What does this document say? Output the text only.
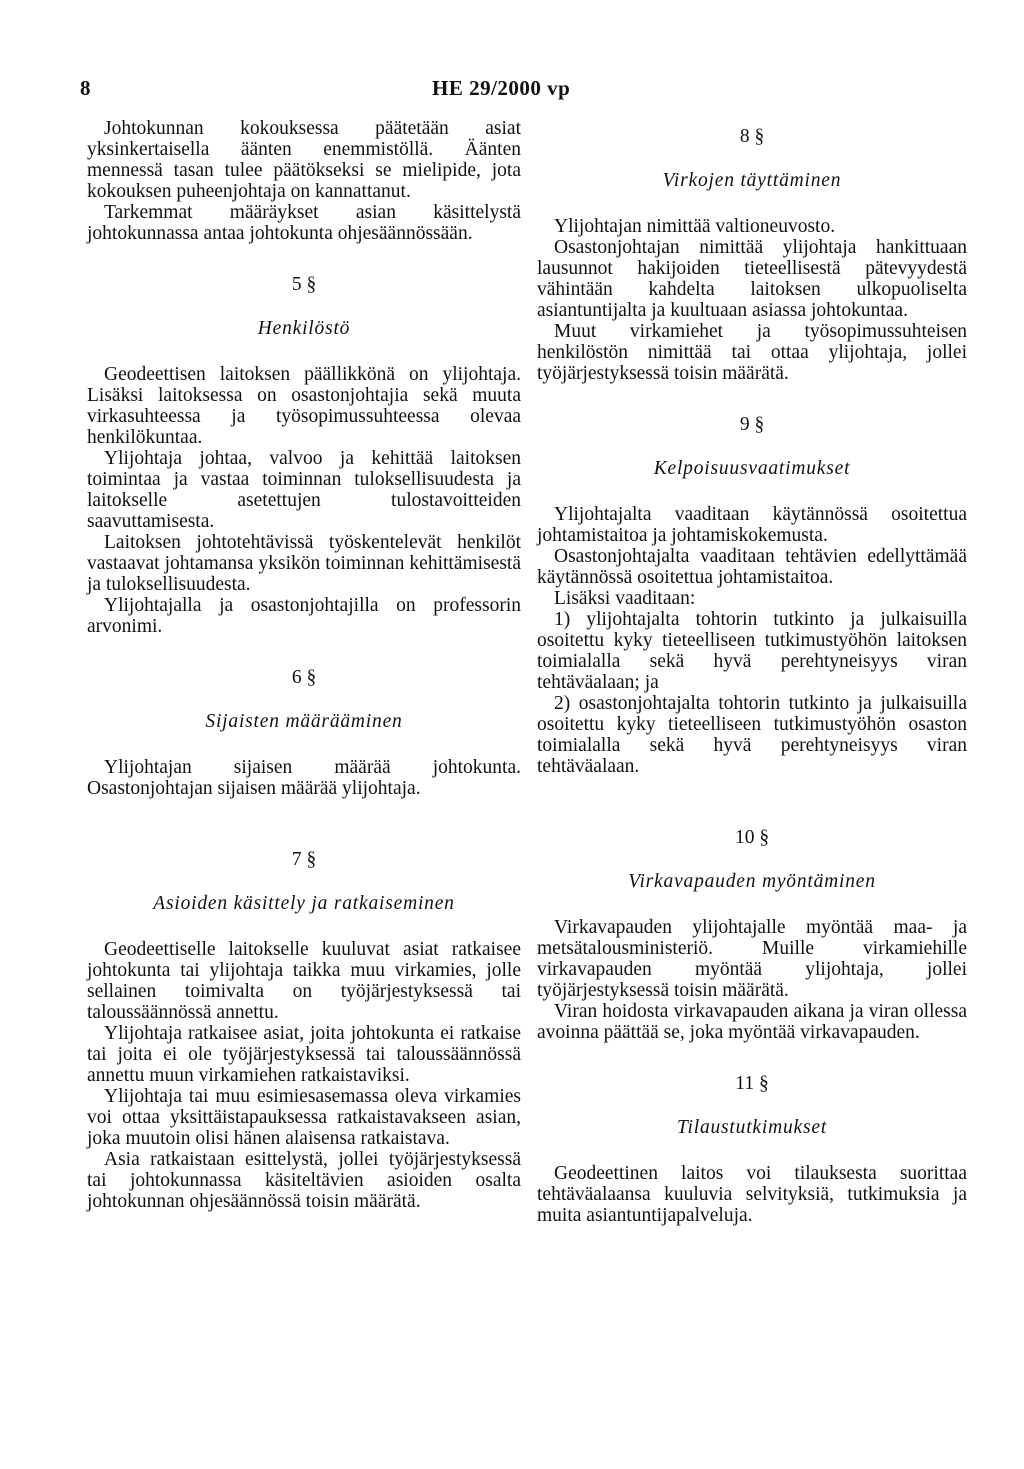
8	HE 29/2000 vp

Johtokunnan kokouksessa päätetään asiat yksinkertaisella äänten enemmistöllä. Äänten mennessä tasan tulee päätökseksi se mielipide, jota kokouksen puheenjohtaja on kannattanut.

Tarkemmat määräykset asian käsittelystä johtokunnassa antaa johtokunta ohjesäännössään.

5 §
Henkilöstö

Geodeettisen laitoksen päällikkönä on ylijohtaja. Lisäksi laitoksessa on osastonjohtajia sekä muuta virkasuhteessa ja työsopimussuhteessa olevaa henkilökuntaa.

Ylijohtaja johtaa, valvoo ja kehittää laitoksen toimintaa ja vastaa toiminnan tuloksellisuudesta ja laitokselle asetettujen tulostavoitteiden saavuttamisesta.

Laitoksen johtotehtävissä työskentelevät henkilöt vastaavat johtamansa yksikön toiminnan kehittämisestä ja tuloksellisuudesta.

Ylijohtajalla ja osastonjohtajilla on professorin arvonimi.

6 §
Sijaisten määrääminen

Ylijohtajan sijaisen määrää johtokunta. Osastonjohtajan sijaisen määrää ylijohtaja.

7 §
Asioiden käsittely ja ratkaiseminen

Geodeettiselle laitokselle kuuluvat asiat ratkaisee johtokunta tai ylijohtaja taikka muu virkamies, jolle sellainen toimivalta on työjärjestyksessä tai taloussäännössä annettu.

Ylijohtaja ratkaisee asiat, joita johtokunta ei ratkaise tai joita ei ole työjärjestyksessä tai taloussäännössä annettu muun virkamiehen ratkaistaviksi.

Ylijohtaja tai muu esimiesasemassa oleva virkamies voi ottaa yksittäistapauksessa ratkaistavakseen asian, joka muutoin olisi hänen alaisensa ratkaistava.

Asia ratkaistaan esittelystä, jollei työjärjestyksessä tai johtokunnassa käsiteltävien asioiden osalta johtokunnan ohjesäännössä toisin määrätä.

8 §
Virkojen täyttäminen

Ylijohtajan nimittää valtioneuvosto.

Osastonjohtajan nimittää ylijohtaja hankittuaan lausunnot hakijoiden tieteellisestä pätevyydestä vähintään kahdelta laitoksen ulkopuoliselta asiantuntijalta ja kuultuaan asiassa johtokuntaa.

Muut virkamiehet ja työsopimussuhteisen henkilöstön nimittää tai ottaa ylijohtaja, jollei työjärjestyksessä toisin määrätä.

9 §
Kelpoisuusvaatimukset

Ylijohtajalta vaaditaan käytännössä osoitettua johtamistaitoa ja johtamiskokemusta.

Osastonjohtajalta vaaditaan tehtävien edellyttämää käytännössä osoitettua johtamistaitoa.

Lisäksi vaaditaan:

1) ylijohtajalta tohtorin tutkinto ja julkaisuilla osoitettu kyky tieteelliseen tutkimustyöhön laitoksen toimialalla sekä hyvä perehtyneisyys viran tehtäväalaan; ja

2) osastonjohtajalta tohtorin tutkinto ja julkaisuilla osoitettu kyky tieteelliseen tutkimustyöhön osaston toimialalla sekä hyvä perehtyneisyys viran tehtäväalaan.

10 §
Virkavapauden myöntäminen

Virkavapauden ylijohtajalle myöntää maa- ja metsätalousministeriö. Muille virkamiehille virkavapauden myöntää ylijohtaja, jollei työjärjestyksessä toisin määrätä.

Viran hoidosta virkavapauden aikana ja viran ollessa avoinna päättää se, joka myöntää virkavapauden.

11 §
Tilaustutkimukset

Geodeettinen laitos voi tilauksesta suorittaa tehtäväalaansa kuuluvia selvityksiä, tutkimuksia ja muita asiantuntijapalveluja.
